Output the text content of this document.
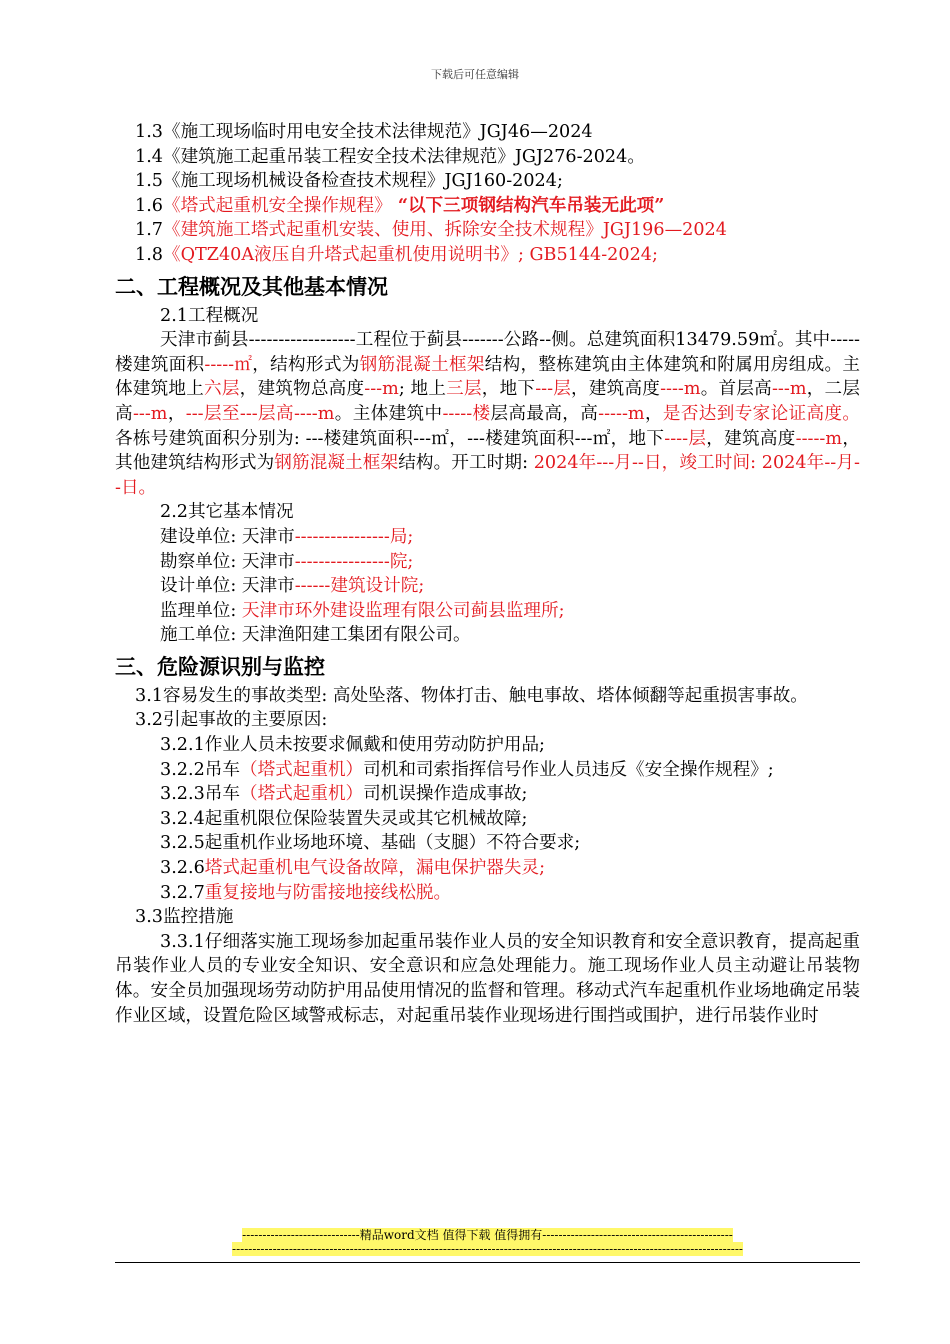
下载后可任意编辑

1.3《施工现场临时用电安全技术法律规范》JGJ46—2024

1.4《建筑施工起重吊装工程安全技术法律规范》JGJ276-2024。

1.5《施工现场机械设备检查技术规程》JGJ160-2024;

1.6《塔式起重机安全操作规程》 “以下三项钢结构汽车吊装无此项”

1.7《建筑施工塔式起重机安装、使用、拆除安全技术规程》JGJ196—2024

1.8《QTZ40A液压自升塔式起重机使用说明书》; GB5144-2024;

二、工程概况及其他基本情况

2.1工程概况

天津市蓟县------------------工程位于蓟县-------公路--侧。总建筑面积13479.59㎡。其中-----楼建筑面积-----㎡，结构形式为钢筋混凝土框架结构，整栋建筑由主体建筑和附属用房组成。主体建筑地上六层，建筑物总高度---m; 地上三层，地下---层，建筑高度----m。首层高---m，二层高---m，---层至---层高----m。主体建筑中-----楼层高最高，高-----m，是否达到专家论证高度。各栋号建筑面积分别为: ---楼建筑面积---㎡，---楼建筑面积---㎡，地下----层，建筑高度-----m，其他建筑结构形式为钢筋混凝土框架结构。开工时期: 2024年---月--日，竣工时间: 2024年--月--日。

2.2其它基本情况

建设单位: 天津市----------------局;

勘察单位: 天津市----------------院;

设计单位: 天津市------建筑设计院;

监理单位: 天津市环外建设监理有限公司蓟县监理所;

施工单位: 天津渔阳建工集团有限公司。

三、危险源识别与监控

3.1容易发生的事故类型: 高处坠落、物体打击、触电事故、塔体倾翻等起重损害事故。

3.2引起事故的主要原因:

3.2.1作业人员未按要求佩戴和使用劳动防护用品;

3.2.2吊车（塔式起重机）司机和司索指挥信号作业人员违反《安全操作规程》;

3.2.3吊车（塔式起重机）司机误操作造成事故;

3.2.4起重机限位保险装置失灵或其它机械故障;

3.2.5起重机作业场地环境、基础（支腿）不符合要求;

3.2.6塔式起重机电气设备故障，漏电保护器失灵;

3.2.7重复接地与防雷接地接线松脱。

3.3监控措施

3.3.1仔细落实施工现场参加起重吊装作业人员的安全知识教育和安全意识教育，提高起重吊装作业人员的专业安全知识、安全意识和应急处理能力。施工现场作业人员主动避让吊装物体。安全员加强现场劳动防护用品使用情况的监督和管理。移动式汽车起重机作业场地确定吊装作业区域，设置危险区域警戒标志，对起重吊装作业现场进行围挡或围护，进行吊装作业时

-----------------------------精品word文档 值得下载 值得拥有-----------------------------------------------
------------------------------------------------------------------------------------------------------------------------------
